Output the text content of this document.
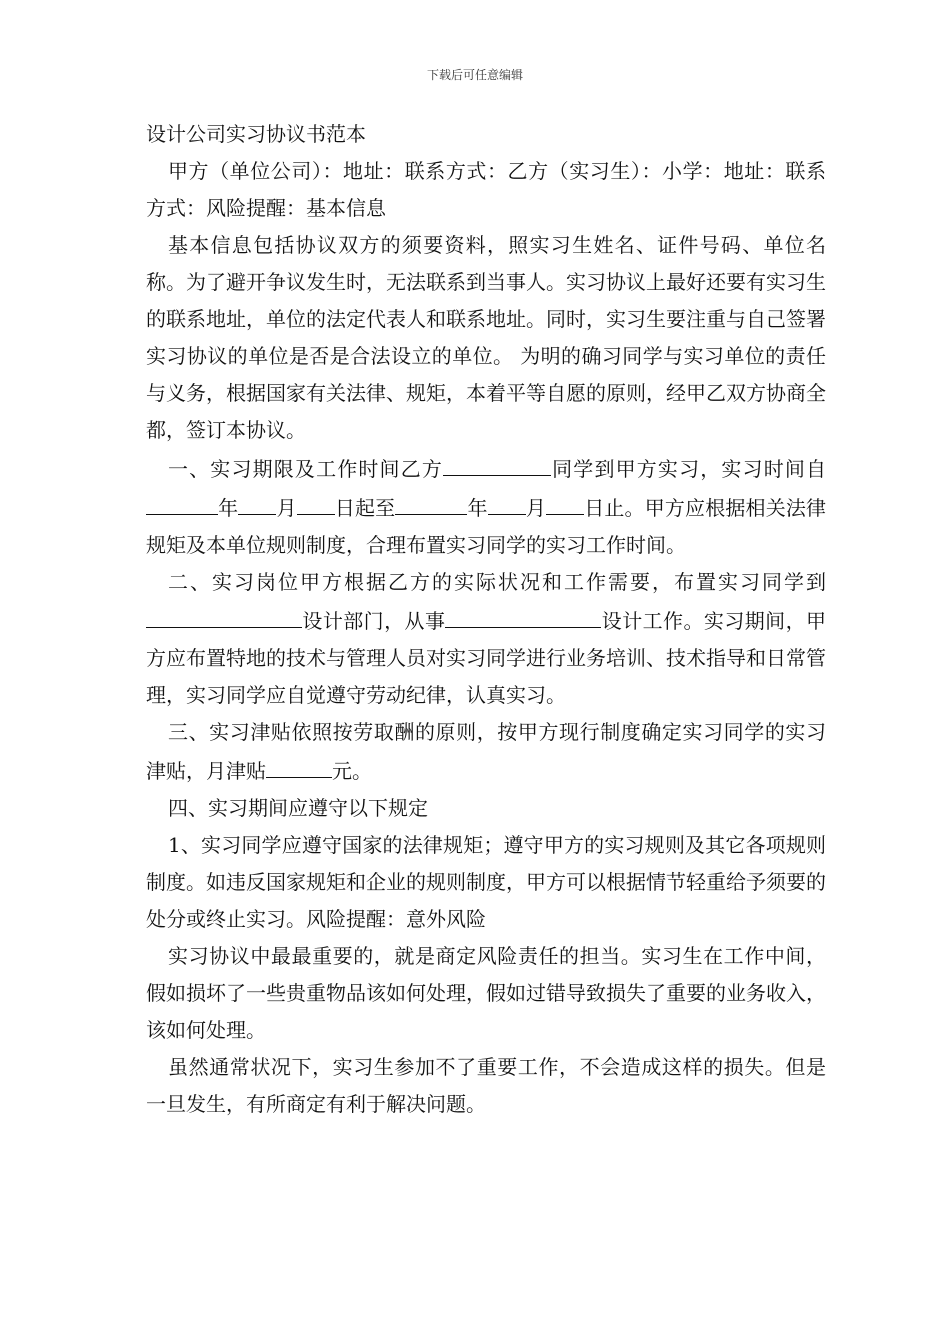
下载后可任意编辑

设计公司实习协议书范本

甲方（单位公司）：地址：联系方式：乙方（实习生）：小学：地址：联系方式：风险提醒：基本信息

基本信息包括协议双方的须要资料，照实习生姓名、证件号码、单位名称。为了避开争议发生时，无法联系到当事人。实习协议上最好还要有实习生的联系地址，单位的法定代表人和联系地址。同时，实习生要注重与自己签署实习协议的单位是否是合法设立的单位。 为明的确习同学与实习单位的责任与义务，根据国家有关法律、规矩，本着平等自愿的原则，经甲乙双方协商全都，签订本协议。

一、实习期限及工作时间乙方	同学到甲方实习，实习时间自年 月 日起至	年 月 日止。甲方应根据相关法律规矩及本单位规则制度，合理布置实习同学的实习工作时间。

二、实习岗位甲方根据乙方的实际状况和工作需要，布置实习同学到设计部门，从事	设计工作。实习期间，甲方应布置特地的技术与管理人员对实习同学进行业务培训、技术指导和日常管理，实习同学应自觉遵守劳动纪律，认真实习。

三、实习津贴依照按劳取酬的原则，按甲方现行制度确定实习同学的实习津贴，月津贴	元。

四、实习期间应遵守以下规定

1、实习同学应遵守国家的法律规矩；遵守甲方的实习规则及其它各项规则制度。如违反国家规矩和企业的规则制度，甲方可以根据情节轻重给予须要的处分或终止实习。风险提醒：意外风险

实习协议中最最重要的，就是商定风险责任的担当。实习生在工作中间，假如损坏了一些贵重物品该如何处理，假如过错导致损失了重要的业务收入，该如何处理。

虽然通常状况下，实习生参加不了重要工作，不会造成这样的损失。但是一旦发生，有所商定有利于解决问题。
